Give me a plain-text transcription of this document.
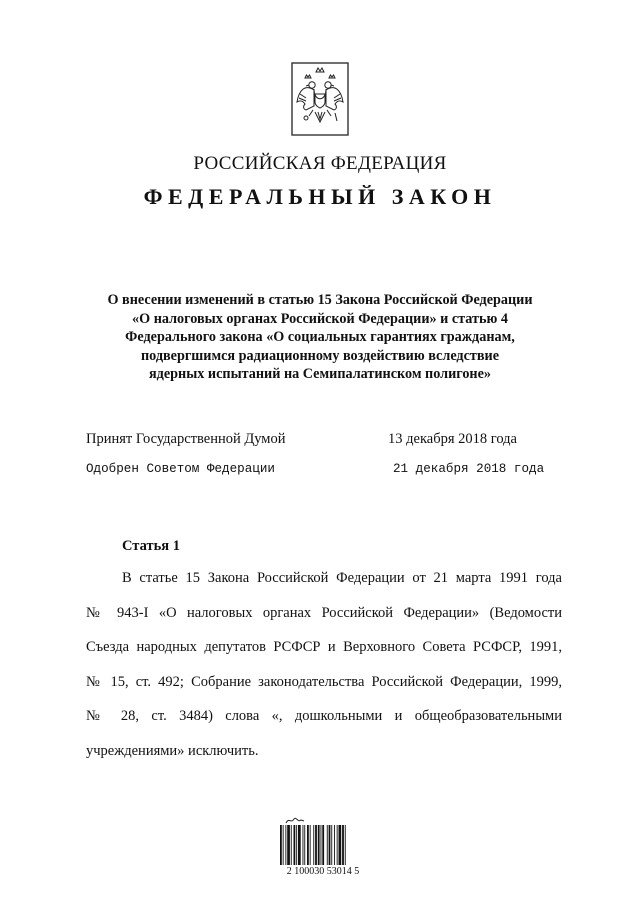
РОССИЙСКАЯ ФЕДЕРАЦИЯ
ФЕДЕРАЛЬНЫЙ ЗАКОН
О внесении изменений в статью 15 Закона Российской Федерации
«О налоговых органах Российской Федерации» и статью 4
Федерального закона «О социальных гарантиях гражданам,
подвергшимся радиационному воздействию вследствие
ядерных испытаний на Семипалатинском полигоне»
Принят Государственной Думой	13 декабря 2018 года
Одобрен Советом Федерации	21 декабря 2018 года
Статья 1
В статье 15 Закона Российской Федерации от 21 марта 1991 года
№ 943-I «О налоговых органах Российской Федерации» (Ведомости
Съезда народных депутатов РСФСР и Верховного Совета РСФСР, 1991,
№ 15, ст. 492; Собрание законодательства Российской Федерации, 1999,
№ 28, ст. 3484) слова «, дошкольными и общеобразовательными
учреждениями» исключить.
2 100030 53014 5
